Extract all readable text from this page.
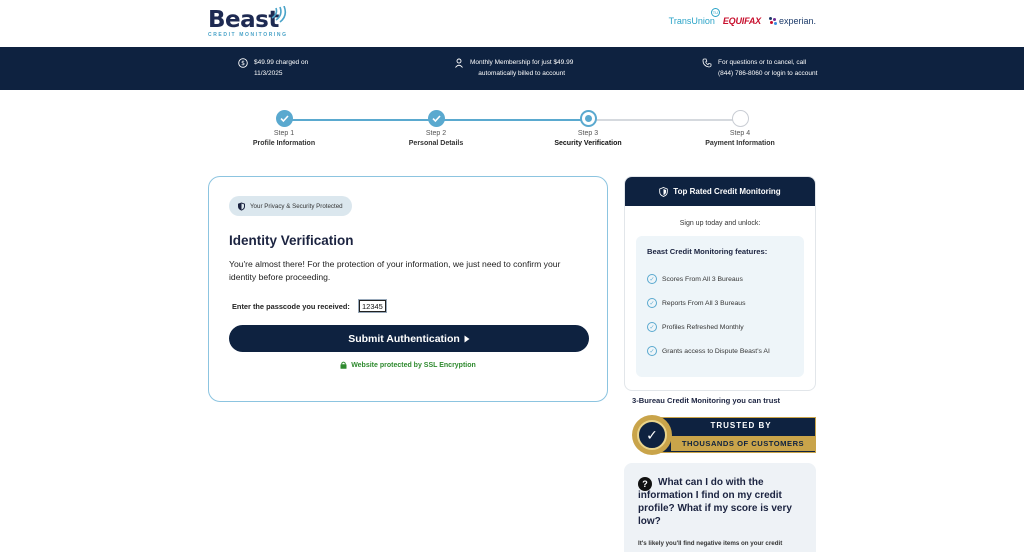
Beast
CREDIT MONITORING
TransUnion
TU
EQUIFAX experian.
$ $49.99 charged on
11/3/2025
Monthly Membership for just $49.99
automatically billed to account
For questions or to cancel, call
(844) 786-8060 or login to account
Step 1
Profile Information
Step 2
Personal Details
Step 3
Security Verification
Step 4
Payment Information
Your Privacy & Security Protected
Identity Verification
You're almost there! For the protection of your information, we just need to confirm your identity before proceeding.
Enter the passcode you received:
12345
Submit Authentication
Website protected by SSL Encryption
Top Rated Credit Monitoring
Sign up today and unlock:
Beast Credit Monitoring features:
✓	Scores From All 3 Bureaus
✓	Reports From All 3 Bureaus
✓	Profiles Refreshed Monthly
✓	Grants access to Dispute Beast's AI
3-Bureau Credit Monitoring you can trust
✓
TRUSTED BY
THOUSANDS OF CUSTOMERS
?	What can I do with the information I find on my credit profile? What if my score is very low?
It's likely you'll find negative items on your credit
